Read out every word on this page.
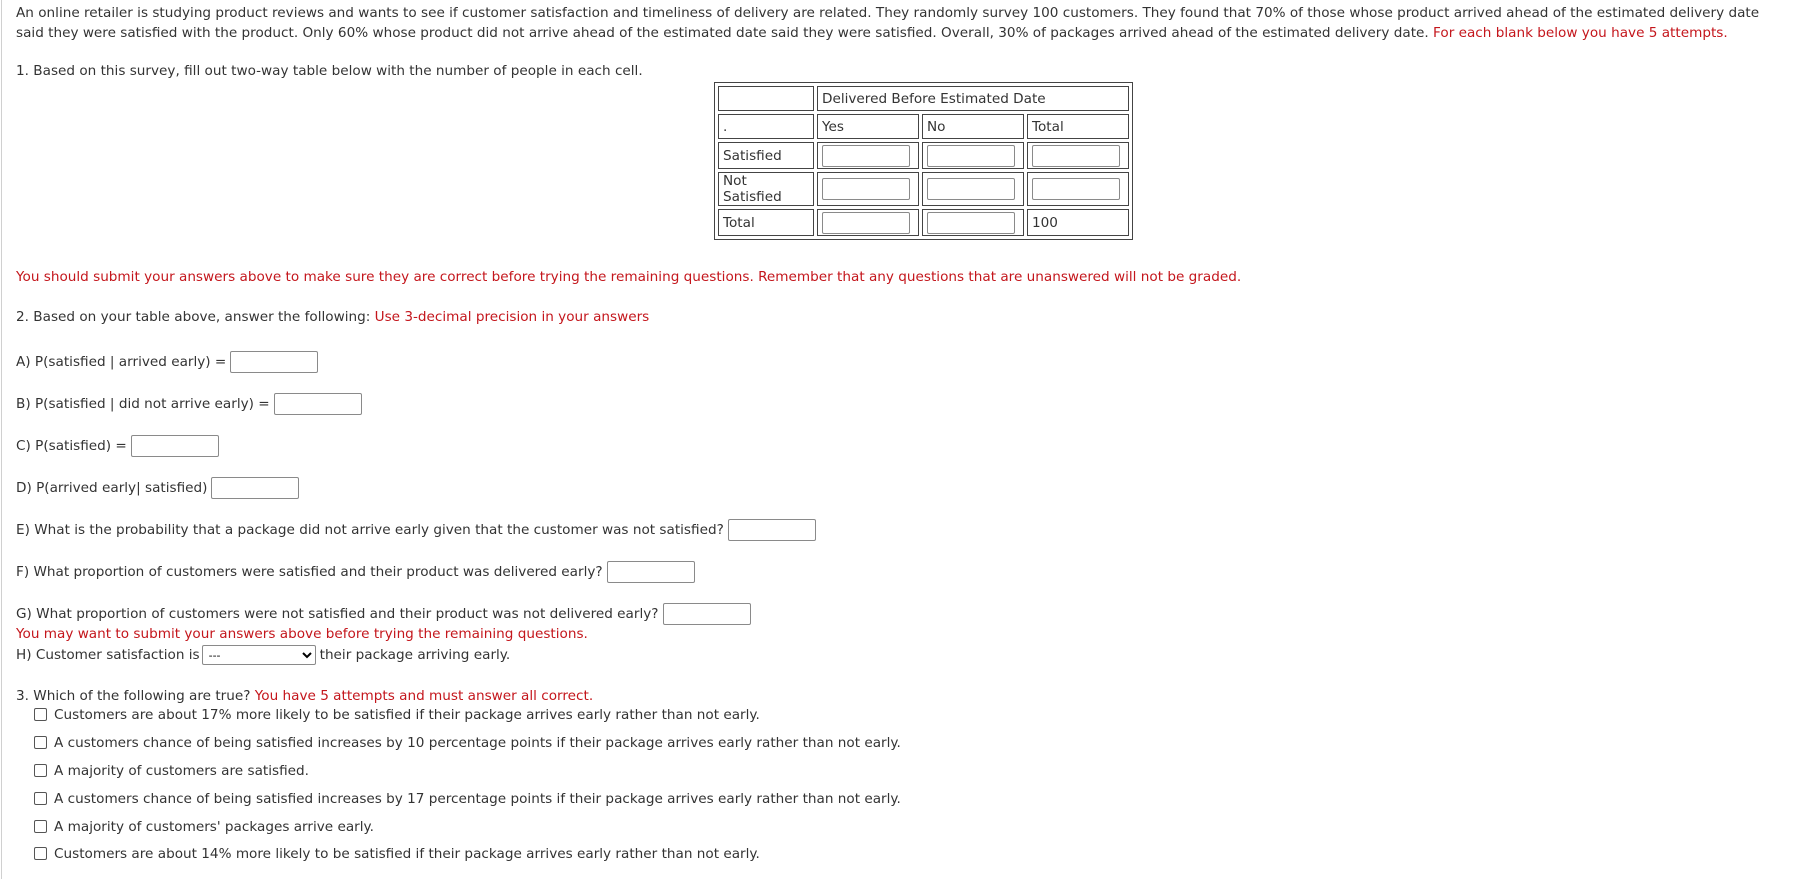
An online retailer is studying product reviews and wants to see if customer satisfaction and timeliness of delivery are related. They randomly survey 100 customers. They found that 70% of those whose product arrived ahead of the estimated delivery date said they were satisfied with the product. Only 60% whose product did not arrive ahead of the estimated date said they were satisfied. Overall, 30% of packages arrived ahead of the estimated delivery date. For each blank below you have 5 attempts.

1. Based on this survey, fill out two-way table below with the number of people in each cell.
	Delivered Before Estimated Date		
.	Yes	No	Total
Satisfied			
Not Satisfied			
Total			100
You should submit your answers above to make sure they are correct before trying the remaining questions. Remember that any questions that are unanswered will not be graded.
2. Based on your table above, answer the following: Use 3-decimal precision in your answers
A) P(satisfied | arrived early) =
B) P(satisfied | did not arrive early) =
C) P(satisfied) =
D) P(arrived early| satisfied)
E) What is the probability that a package did not arrive early given that the customer was not satisfied?
F) What proportion of customers were satisfied and their product was delivered early?
G) What proportion of customers were not satisfied and their product was not delivered early?
You may want to submit your answers above before trying the remaining questions.
H) Customer satisfaction is
---	their package arriving early.
3. Which of the following are true? You have 5 attempts and must answer all correct.
Customers are about 17% more likely to be satisfied if their package arrives early rather than not early.
A customers chance of being satisfied increases by 10 percentage points if their package arrives early rather than not early.
A majority of customers are satisfied.
A customers chance of being satisfied increases by 17 percentage points if their package arrives early rather than not early.
A majority of customers' packages arrive early.
Customers are about 14% more likely to be satisfied if their package arrives early rather than not early.
